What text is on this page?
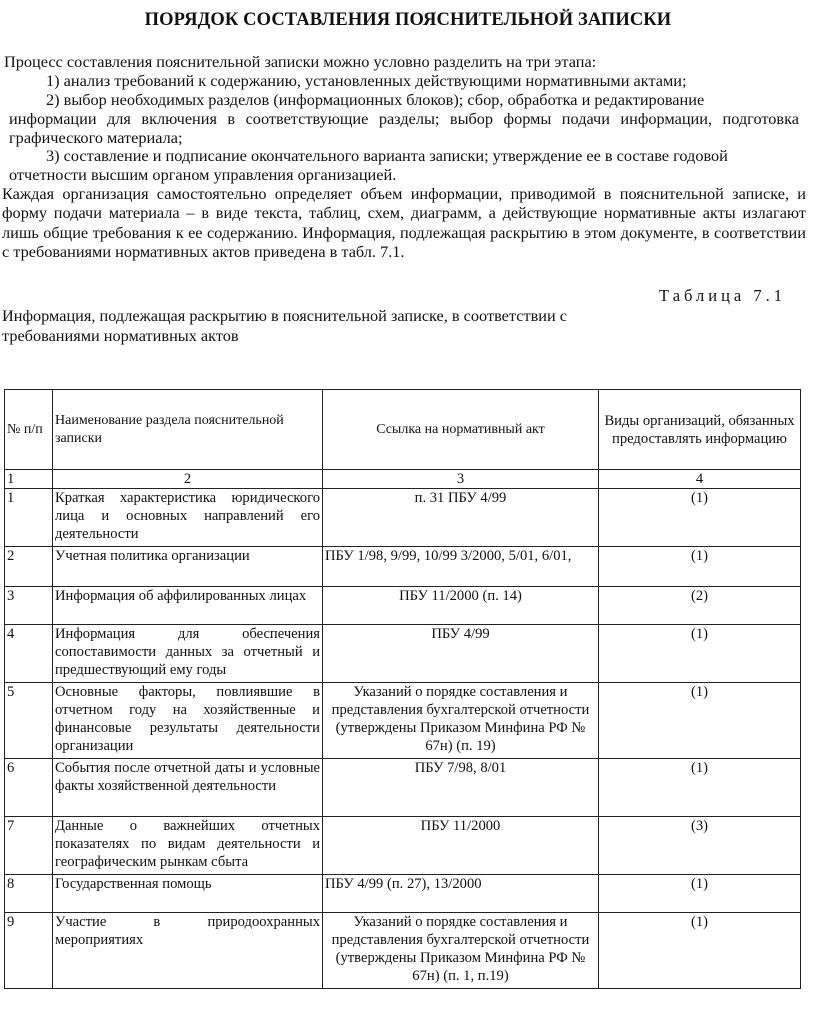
ПОРЯДОК СОСТАВЛЕНИЯ ПОЯСНИТЕЛЬНОЙ ЗАПИСКИ

Процесс составления пояснительной записки можно условно разделить на три этапа:

1) анализ требований к содержанию, установленных действующими нормативными актами;

2) выбор необходимых разделов (информационных блоков); сбор, обработка и редактирование
информации для включения в соответствующие разделы; выбор формы подачи информации, подготовка графического материала;

3) составление и подписание окончательного варианта записки; утверждение ее в составе годовой
отчетности высшим органом управления организацией.

Каждая организация самостоятельно определяет объем информации, приводимой в пояснительной записке, и форму подачи материала – в виде текста, таблиц, схем, диаграмм, а действующие нормативные акты излагают лишь общие требования к ее содержанию. Информация, подлежащая раскрытию в этом документе, в соответствии с требованиями нормативных актов приведена в табл. 7.1.

Таблица 7.1
Информация, подлежащая раскрытию в пояснительной записке, в соответствии с требованиями нормативных актов
№ п/п	Наименование раздела пояснительной записки	Ссылка на нормативный акт	Виды организаций, обязанных предоставлять информацию
1	2	3	4
1	Краткая характеристика юридического лица и основных направлений его деятельности	п. 31 ПБУ 4/99	(1)
2	Учетная политика организации	ПБУ 1/98, 9/99, 10/99 3/2000, 5/01, 6/01,	(1)
3	Информация об аффилированных лицах	ПБУ 11/2000 (п. 14)	(2)
4	Информация для обеспечения сопоставимости данных за отчетный и предшествующий ему годы	ПБУ 4/99	(1)
5	Основные факторы, повлиявшие в отчетном году на хозяйственные и финансовые результаты деятельности организации	Указаний о порядке составления и представления бухгалтерской отчетности (утверждены Приказом Минфина РФ № 67н) (п. 19)	(1)
6	События после отчетной даты и условные факты хозяйственной деятельности	ПБУ 7/98, 8/01	(1)
7	Данные о важнейших отчетных показателях по видам деятельности и географическим рынкам сбыта	ПБУ 11/2000	(3)
8	Государственная помощь	ПБУ 4/99 (п. 27), 13/2000	(1)
9	Участие в природоохранных мероприятиях	Указаний о порядке составления и представления бухгалтерской отчетности (утверждены Приказом Минфина РФ № 67н) (п. 1, п.19)	(1)
